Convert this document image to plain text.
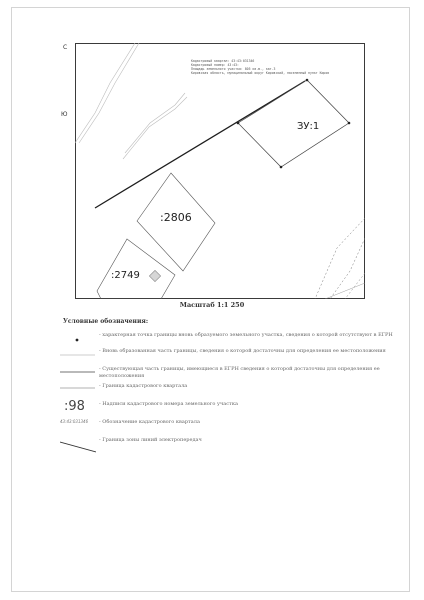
С
Ю
Кадастровый квартал: 43:43:031346
Кадастровый номер: 43:43:
Площадь земельного участка: 805 кв.м., кат.3
Кировская область, муниципальный округ Кировский, населенный пункт Киров
ЗУ:1
:2806
:2749
Масштаб 1:1 250
Условные обозначения:
- характерная точка границы вновь образуемого земельного участка, сведения о которой отсутствуют в ЕГРН
- Вновь образованная часть границы, сведения о которой достаточны для определения ее местоположения
- Существующая часть границы, имеющиеся в ЕГРН сведения о которой достаточны для определения ее местоположения
- Граница кадастрового квартала
:98	- Надписи кадастрового номера земельного участка
43:43:031346 - Обозначение кадастрового квартала
- Граница зоны линий электропередач
